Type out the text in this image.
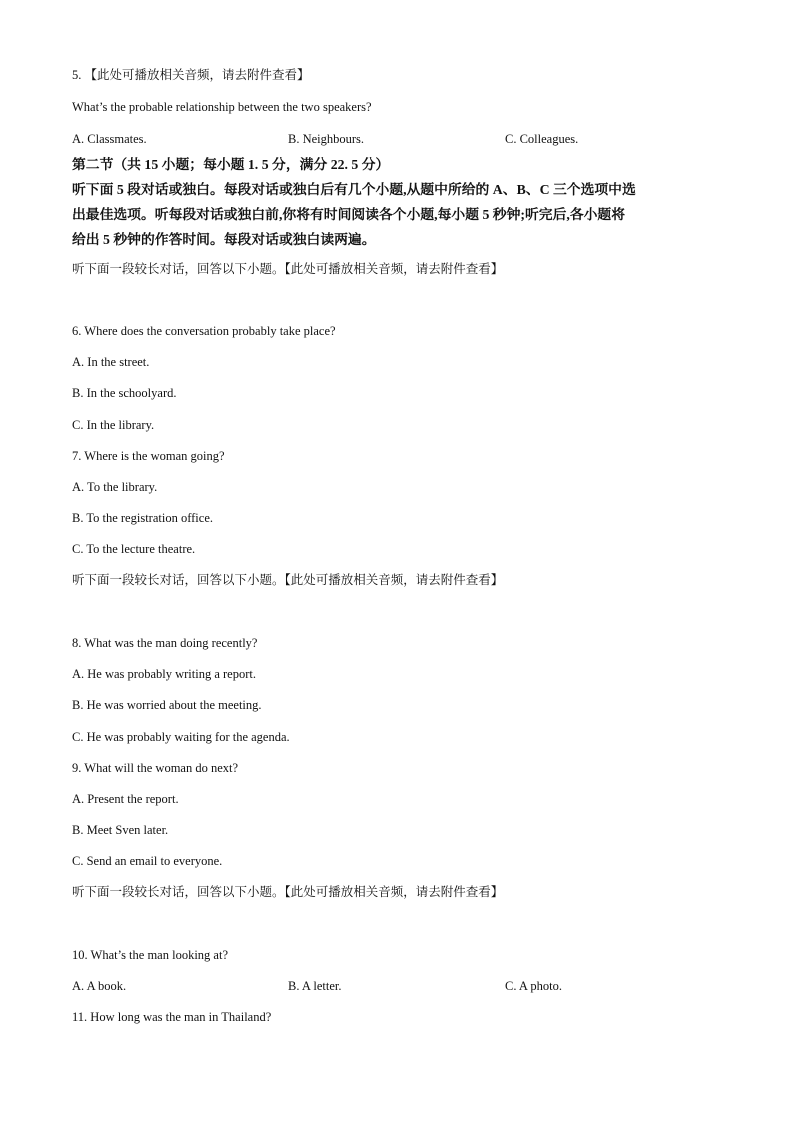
5. 【此处可播放相关音频，请去附件查看】
What’s the probable relationship between the two speakers?
A. Classmates.	B. Neighbours.	C. Colleagues.
第二节（共 15 小题；每小题 1. 5 分，满分 22. 5 分）
听下面 5 段对话或独白。每段对话或独白后有几个小题,从题中所给的 A、B、C 三个选项中选
出最佳选项。听每段对话或独白前,你将有时间阅读各个小题,每小题 5 秒钟;听完后,各小题将
给出 5 秒钟的作答时间。每段对话或独白读两遍。
听下面一段较长对话，回答以下小题。【此处可播放相关音频，请去附件查看】
6. Where does the conversation probably take place?
A. In the street.
B. In the schoolyard.
C. In the library.
7. Where is the woman going?
A. To the library.
B. To the registration office.
C. To the lecture theatre.
听下面一段较长对话，回答以下小题。【此处可播放相关音频，请去附件查看】
8. What was the man doing recently?
A. He was probably writing a report.
B. He was worried about the meeting.
C. He was probably waiting for the agenda.
9. What will the woman do next?
A. Present the report.
B. Meet Sven later.
C. Send an email to everyone.
听下面一段较长对话，回答以下小题。【此处可播放相关音频，请去附件查看】
10. What’s the man looking at?
A. A book.	B. A letter.	C. A photo.
11. How long was the man in Thailand?
